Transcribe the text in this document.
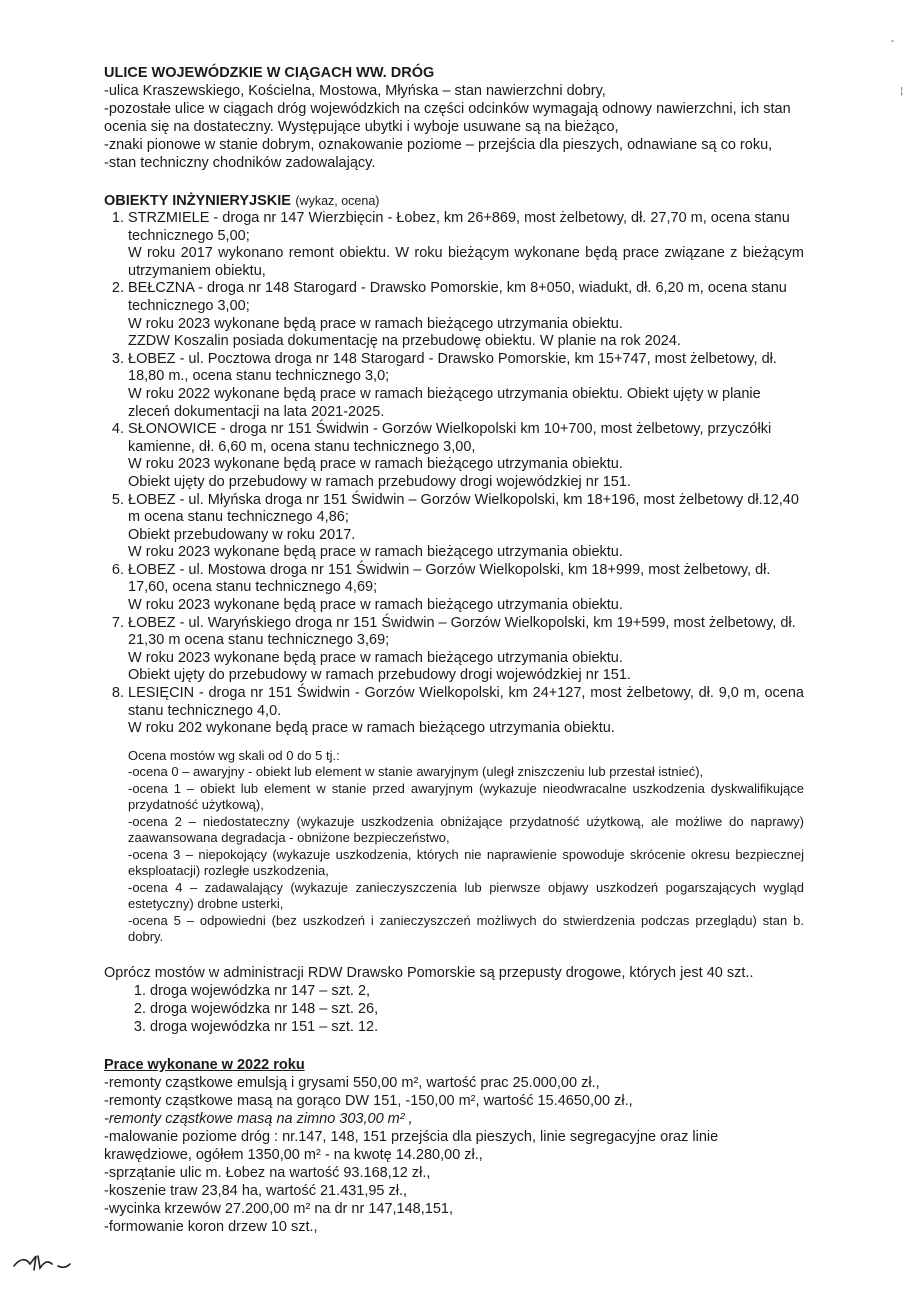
ˇ
¦
ULICE WOJEWÓDZKIE W CIĄGACH WW. DRÓG
-ulica Kraszewskiego, Kościelna, Mostowa, Młyńska – stan nawierzchni dobry,
-pozostałe ulice w ciągach dróg wojewódzkich na części odcinków wymagają odnowy nawierzchni, ich stan ocenia się na dostateczny. Występujące ubytki i wyboje usuwane są na bieżąco,
-znaki pionowe w stanie dobrym, oznakowanie poziome – przejścia dla pieszych, odnawiane są co roku,
-stan techniczny chodników zadowalający.
OBIEKTY INŻYNIERYJSKIE (wykaz, ocena)
1. STRZMIELE - droga nr 147 Wierzbięcin - Łobez, km 26+869, most żelbetowy, dł. 27,70 m, ocena stanu technicznego 5,00;
W roku 2017 wykonano remont obiektu. W roku bieżącym wykonane będą prace związane z bieżącym utrzymaniem obiektu,
2. BEŁCZNA - droga nr 148 Starogard - Drawsko Pomorskie, km 8+050, wiadukt, dł. 6,20 m, ocena stanu technicznego 3,00;
W roku 2023 wykonane będą prace w ramach bieżącego utrzymania obiektu.
ZZDW Koszalin posiada dokumentację na przebudowę obiektu. W planie na rok 2024.
3. ŁOBEZ - ul. Pocztowa droga nr 148 Starogard - Drawsko Pomorskie, km 15+747, most żelbetowy, dł. 18,80 m., ocena stanu technicznego 3,0;
W roku 2022 wykonane będą prace w ramach bieżącego utrzymania obiektu. Obiekt ujęty w planie zleceń dokumentacji na lata 2021-2025.
4. SŁONOWICE - droga nr 151 Świdwin - Gorzów Wielkopolski km 10+700, most żelbetowy, przyczółki kamienne, dł. 6,60 m, ocena stanu technicznego 3,00,
W roku 2023 wykonane będą prace w ramach bieżącego utrzymania obiektu.
Obiekt ujęty do przebudowy w ramach przebudowy drogi wojewódzkiej nr 151.
5. ŁOBEZ - ul. Młyńska droga nr 151 Świdwin – Gorzów Wielkopolski, km 18+196, most żelbetowy dł.12,40 m ocena stanu technicznego 4,86;
Obiekt przebudowany w roku 2017.
W roku 2023 wykonane będą prace w ramach bieżącego utrzymania obiektu.
6. ŁOBEZ - ul. Mostowa droga nr 151 Świdwin – Gorzów Wielkopolski, km 18+999, most żelbetowy, dł. 17,60, ocena stanu technicznego 4,69;
W roku 2023 wykonane będą prace w ramach bieżącego utrzymania obiektu.
7. ŁOBEZ - ul. Waryńskiego droga nr 151 Świdwin – Gorzów Wielkopolski, km 19+599, most żelbetowy, dł. 21,30 m ocena stanu technicznego 3,69;
W roku 2023 wykonane będą prace w ramach bieżącego utrzymania obiektu.
Obiekt ujęty do przebudowy w ramach przebudowy drogi wojewódzkiej nr 151.
8. LESIĘCIN - droga nr 151 Świdwin - Gorzów Wielkopolski, km 24+127, most żelbetowy, dł. 9,0 m, ocena stanu technicznego 4,0.
W roku 202 wykonane będą prace w ramach bieżącego utrzymania obiektu.
Ocena mostów wg skali od 0 do 5 tj.:
-ocena 0 – awaryjny - obiekt lub element w stanie awaryjnym (uległ zniszczeniu lub przestał istnieć),
-ocena 1 – obiekt lub element w stanie przed awaryjnym (wykazuje nieodwracalne uszkodzenia dyskwalifikujące przydatność użytkową),
-ocena 2 – niedostateczny (wykazuje uszkodzenia obniżające przydatność użytkową, ale możliwe do naprawy) zaawansowana degradacja - obniżone bezpieczeństwo,
-ocena 3 – niepokojący (wykazuje uszkodzenia, których nie naprawienie spowoduje skrócenie okresu bezpiecznej eksploatacji) rozległe uszkodzenia,
-ocena 4 – zadawalający (wykazuje zanieczyszczenia lub pierwsze objawy uszkodzeń pogarszających wygląd estetyczny) drobne usterki,
-ocena 5 – odpowiedni (bez uszkodzeń i zanieczyszczeń możliwych do stwierdzenia podczas przeglądu) stan b. dobry.
Oprócz mostów w administracji RDW Drawsko Pomorskie są przepusty drogowe, których jest 40 szt..
1. droga wojewódzka nr 147 – szt. 2,
2. droga wojewódzka nr 148 – szt. 26,
3. droga wojewódzka nr 151 – szt. 12.
Prace wykonane w 2022 roku
-remonty cząstkowe emulsją i grysami 550,00 m², wartość prac 25.000,00 zł.,
-remonty cząstkowe masą na gorąco DW 151, -150,00 m², wartość 15.4650,00 zł.,
-remonty cząstkowe masą na zimno 303,00 m² ,
-malowanie poziome dróg : nr.147, 148, 151 przejścia dla pieszych, linie segregacyjne oraz linie krawędziowe, ogółem 1350,00 m² - na kwotę 14.280,00 zł.,
-sprzątanie ulic m. Łobez na wartość 93.168,12 zł.,
-koszenie traw 23,84 ha, wartość 21.431,95 zł.,
-wycinka krzewów 27.200,00 m² na dr nr 147,148,151,
-formowanie koron drzew 10 szt.,
